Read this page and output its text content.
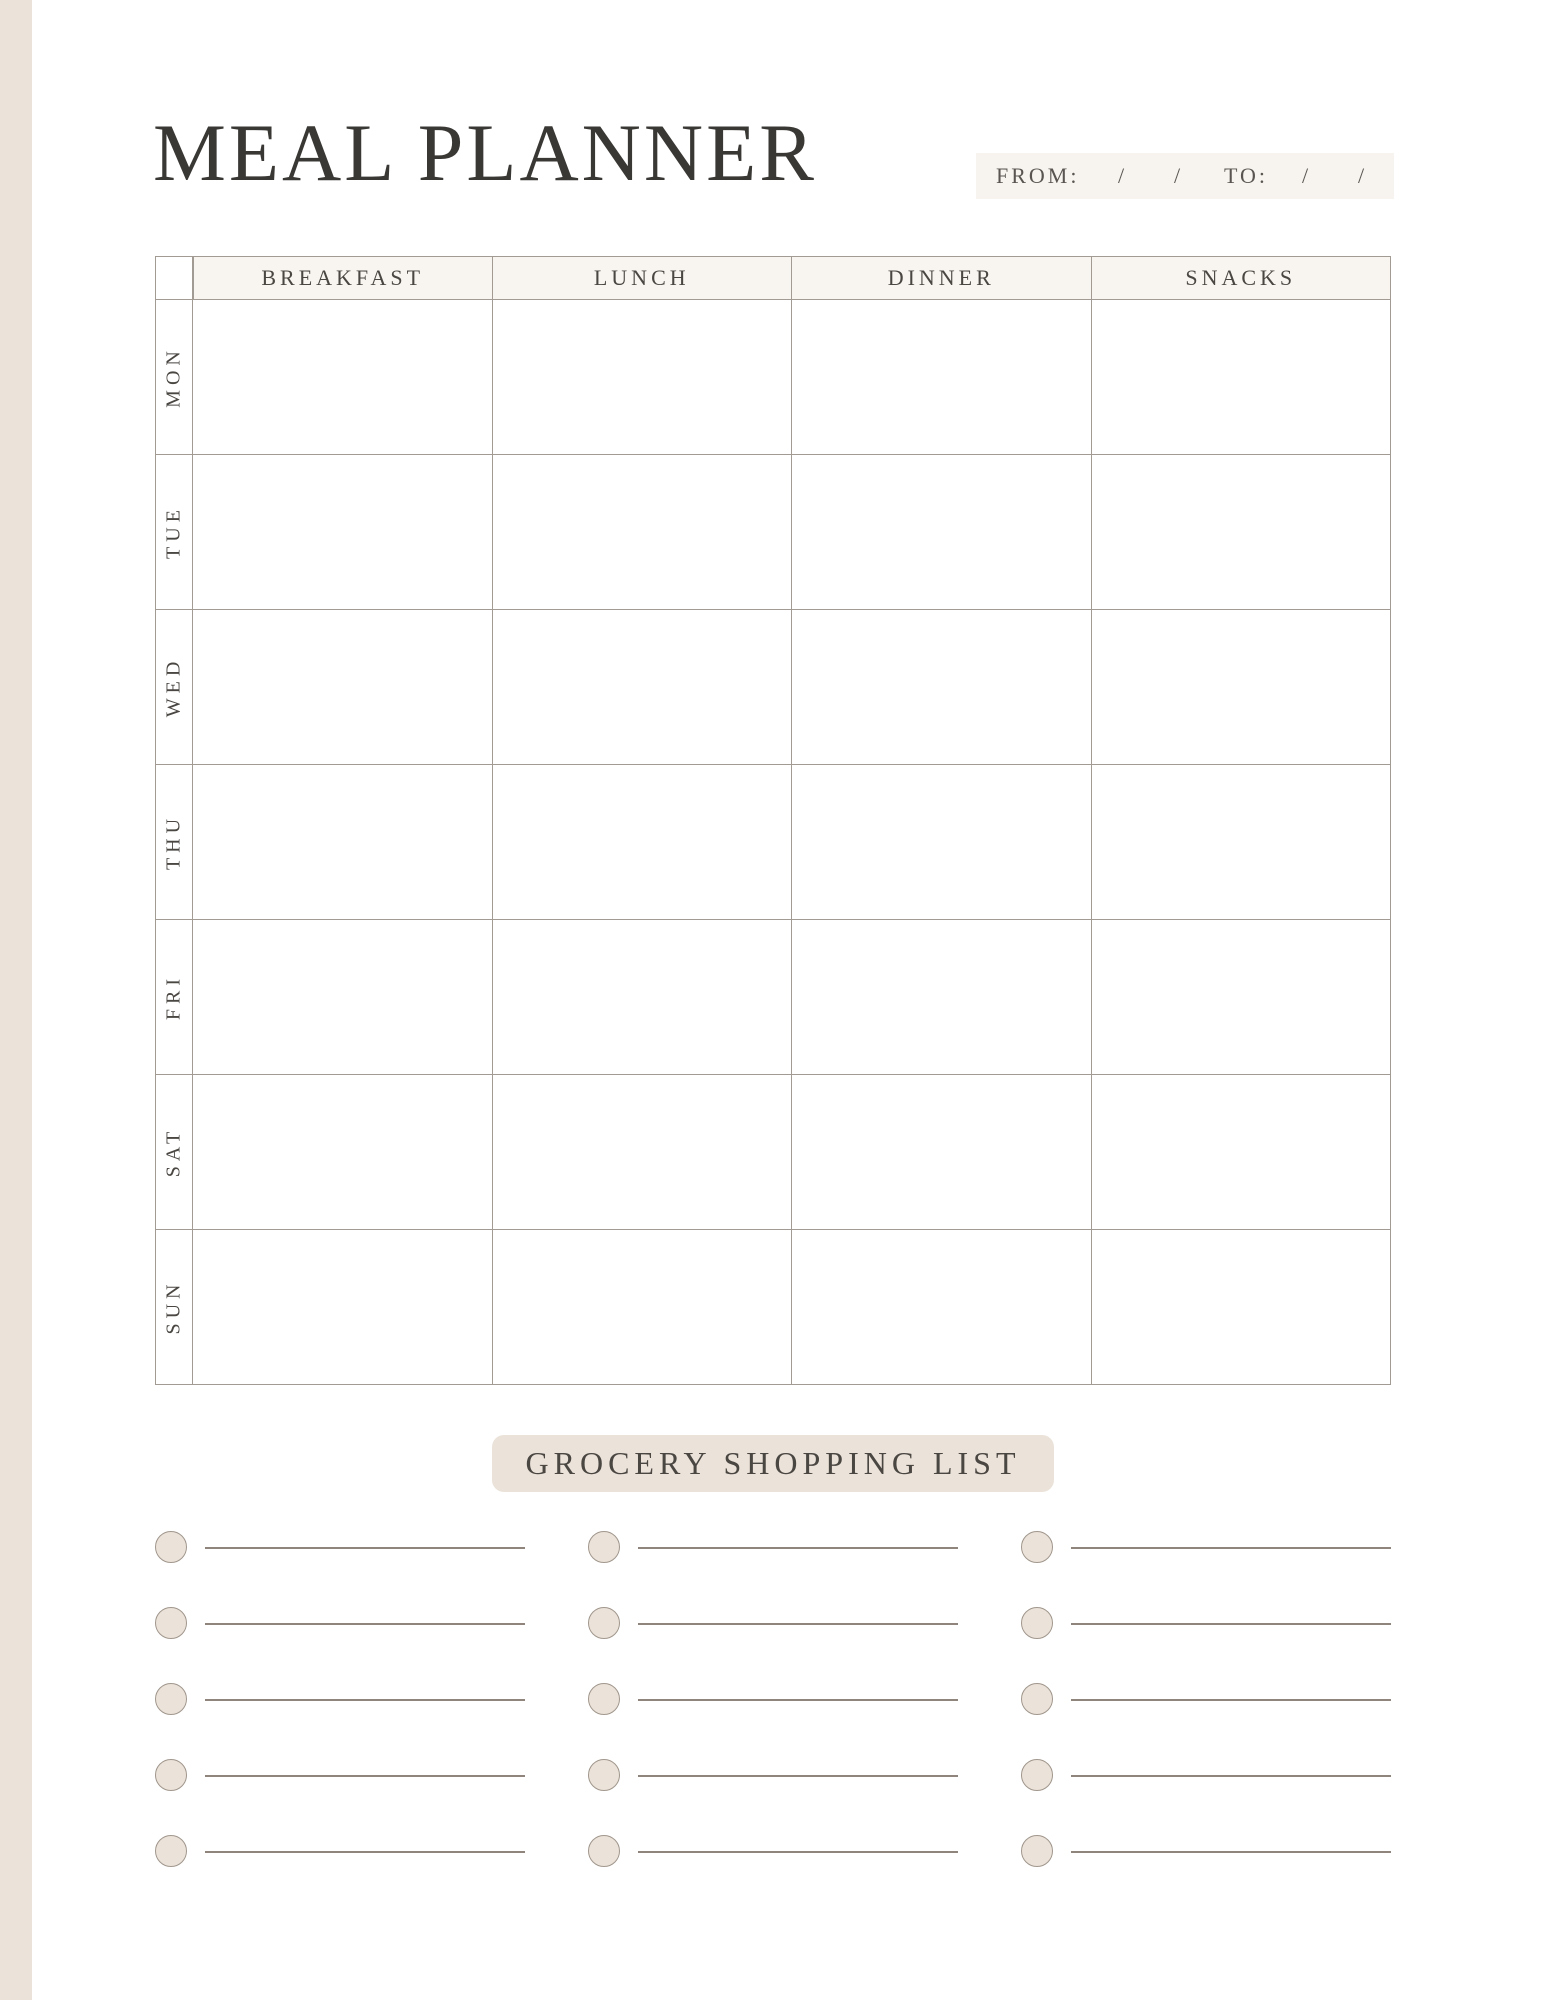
MEAL PLANNER	FROM: / / TO: / /
BREAKFAST	LUNCH	DINNER	SNACKS
MON
TUE
WED
THU
FRI
SAT
SUN
GROCERY SHOPPING LIST
